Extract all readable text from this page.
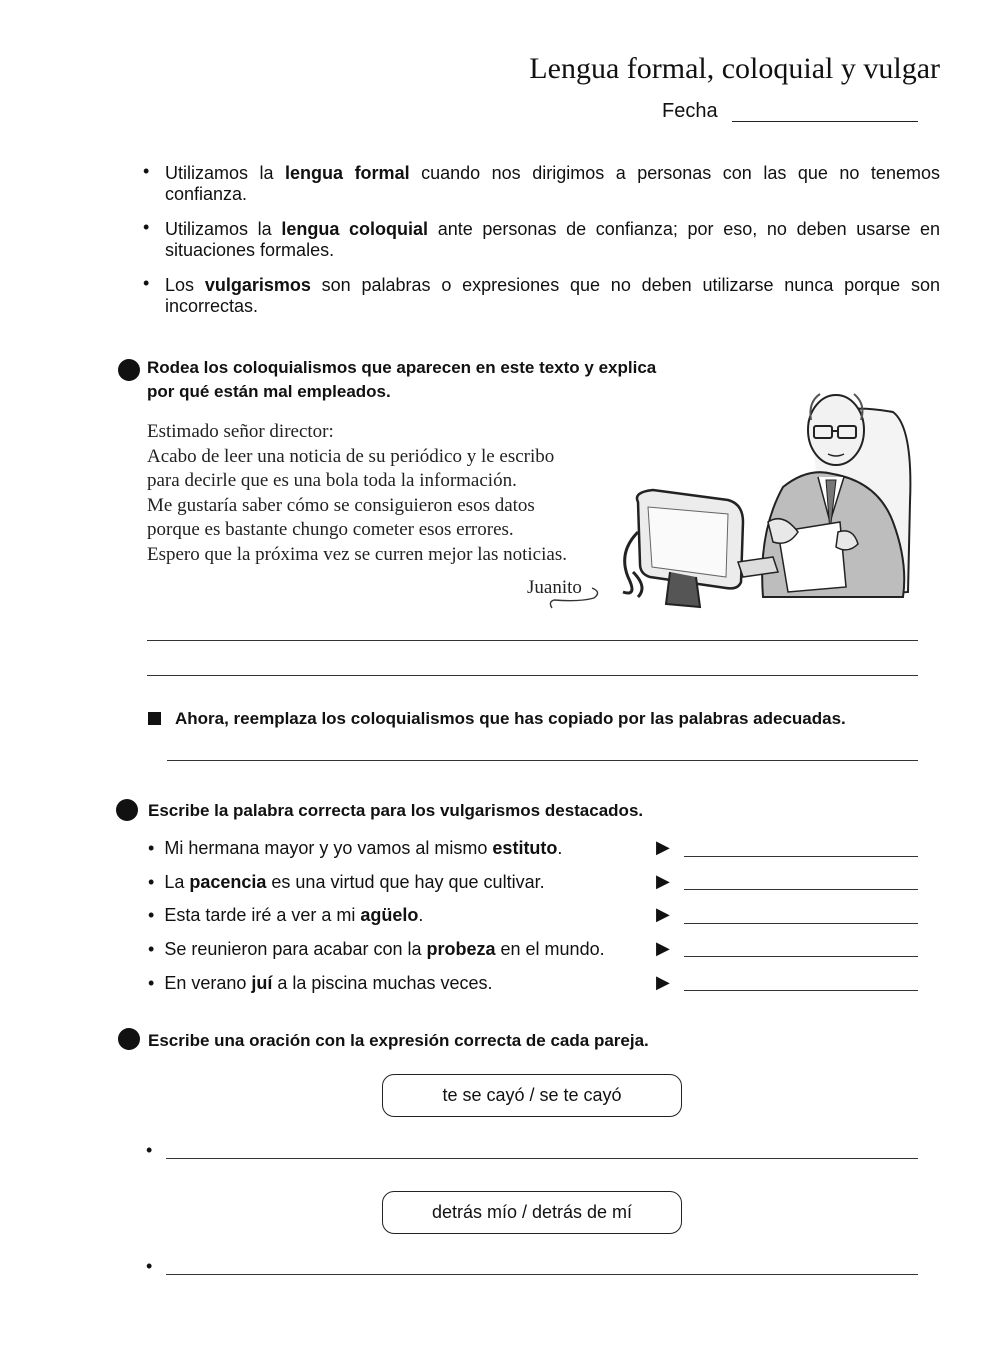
Lengua formal, coloquial y vulgar
Fecha
• Utilizamos la lengua formal cuando nos dirigimos a personas con las que no tenemos confianza.
• Utilizamos la lengua coloquial ante personas de confianza; por eso, no deben usarse en situaciones formales.
• Los vulgarismos son palabras o expresiones que no deben utilizarse nunca porque son incorrectas.
Rodea los coloquialismos que aparecen en este texto y explica
por qué están mal empleados.
Estimado señor director:
Acabo de leer una noticia de su periódico y le escribo
para decirle que es una bola toda la información.
Me gustaría saber cómo se consiguieron esos datos
porque es bastante chungo cometer esos errores.
Espero que la próxima vez se curren mejor las noticias.
Juanito
Ahora, reemplaza los coloquialismos que has copiado por las palabras adecuadas.
Escribe la palabra correcta para los vulgarismos destacados.
• Mi hermana mayor y yo vamos al mismo estituto.
• La pacencia es una virtud que hay que cultivar.
• Esta tarde iré a ver a mi agüelo.
• Se reunieron para acabar con la probeza en el mundo.
• En verano juí a la piscina muchas veces.
▶
▶
▶
▶
▶
Escribe una oración con la expresión correcta de cada pareja.
te se cayó / se te cayó
•
detrás mío / detrás de mí
•
